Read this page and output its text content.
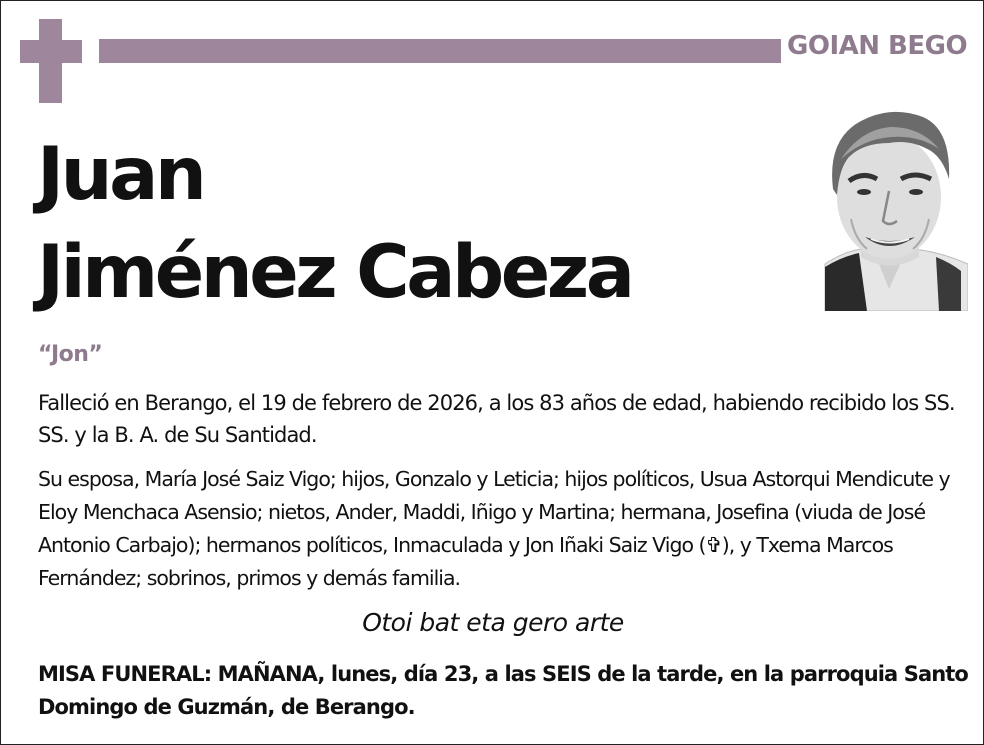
GOIAN BEGO
Juan
Jiménez Cabeza
“Jon”
Falleció en Berango, el 19 de febrero de 2026, a los 83 años de edad, habiendo recibido los SS. SS. y la B. A. de Su Santidad.
Su esposa, María José Saiz Vigo; hijos, Gonzalo y Leticia; hijos políticos, Usua Astorqui Mendicute y Eloy Menchaca Asensio; nietos, Ander, Maddi, Iñigo y Martina; hermana, Josefina (viuda de José Antonio Carbajo); hermanos políticos, Inmaculada y Jon Iñaki Saiz Vigo (✞), y Txema Marcos Fernández; sobrinos, primos y demás familia.
Otoi bat eta gero arte
MISA FUNERAL: MAÑANA, lunes, día 23, a las SEIS de la tarde, en la parroquia Santo Domingo de Guzmán, de Berango.
